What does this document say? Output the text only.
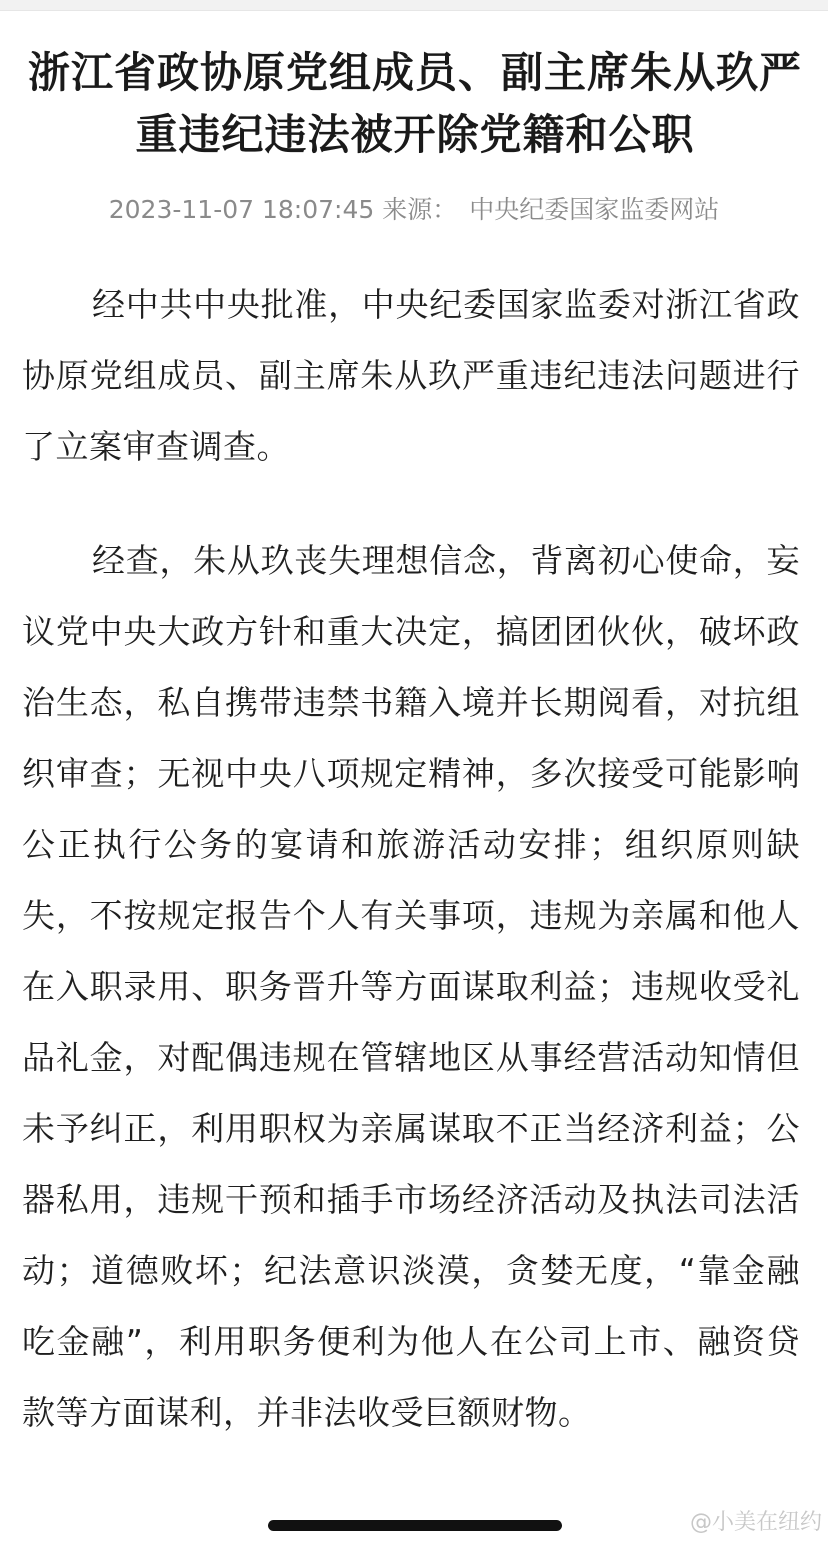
浙江省政协原党组成员、副主席朱从玖严重违纪违法被开除党籍和公职
2023-11-07 18:07:45 来源： 中央纪委国家监委网站

经中共中央批准，中央纪委国家监委对浙江省政协原党组成员、副主席朱从玖严重违纪违法问题进行了立案审查调查。

经查，朱从玖丧失理想信念，背离初心使命，妄议党中央大政方针和重大决定，搞团团伙伙，破坏政治生态，私自携带违禁书籍入境并长期阅看，对抗组织审查；无视中央八项规定精神，多次接受可能影响公正执行公务的宴请和旅游活动安排；组织原则缺失，不按规定报告个人有关事项，违规为亲属和他人在入职录用、职务晋升等方面谋取利益；违规收受礼品礼金，对配偶违规在管辖地区从事经营活动知情但未予纠正，利用职权为亲属谋取不正当经济利益；公器私用，违规干预和插手市场经济活动及执法司法活动；道德败坏；纪法意识淡漠，贪婪无度，“靠金融吃金融”，利用职务便利为他人在公司上市、融资贷款等方面谋利，并非法收受巨额财物。

@小美在纽约
